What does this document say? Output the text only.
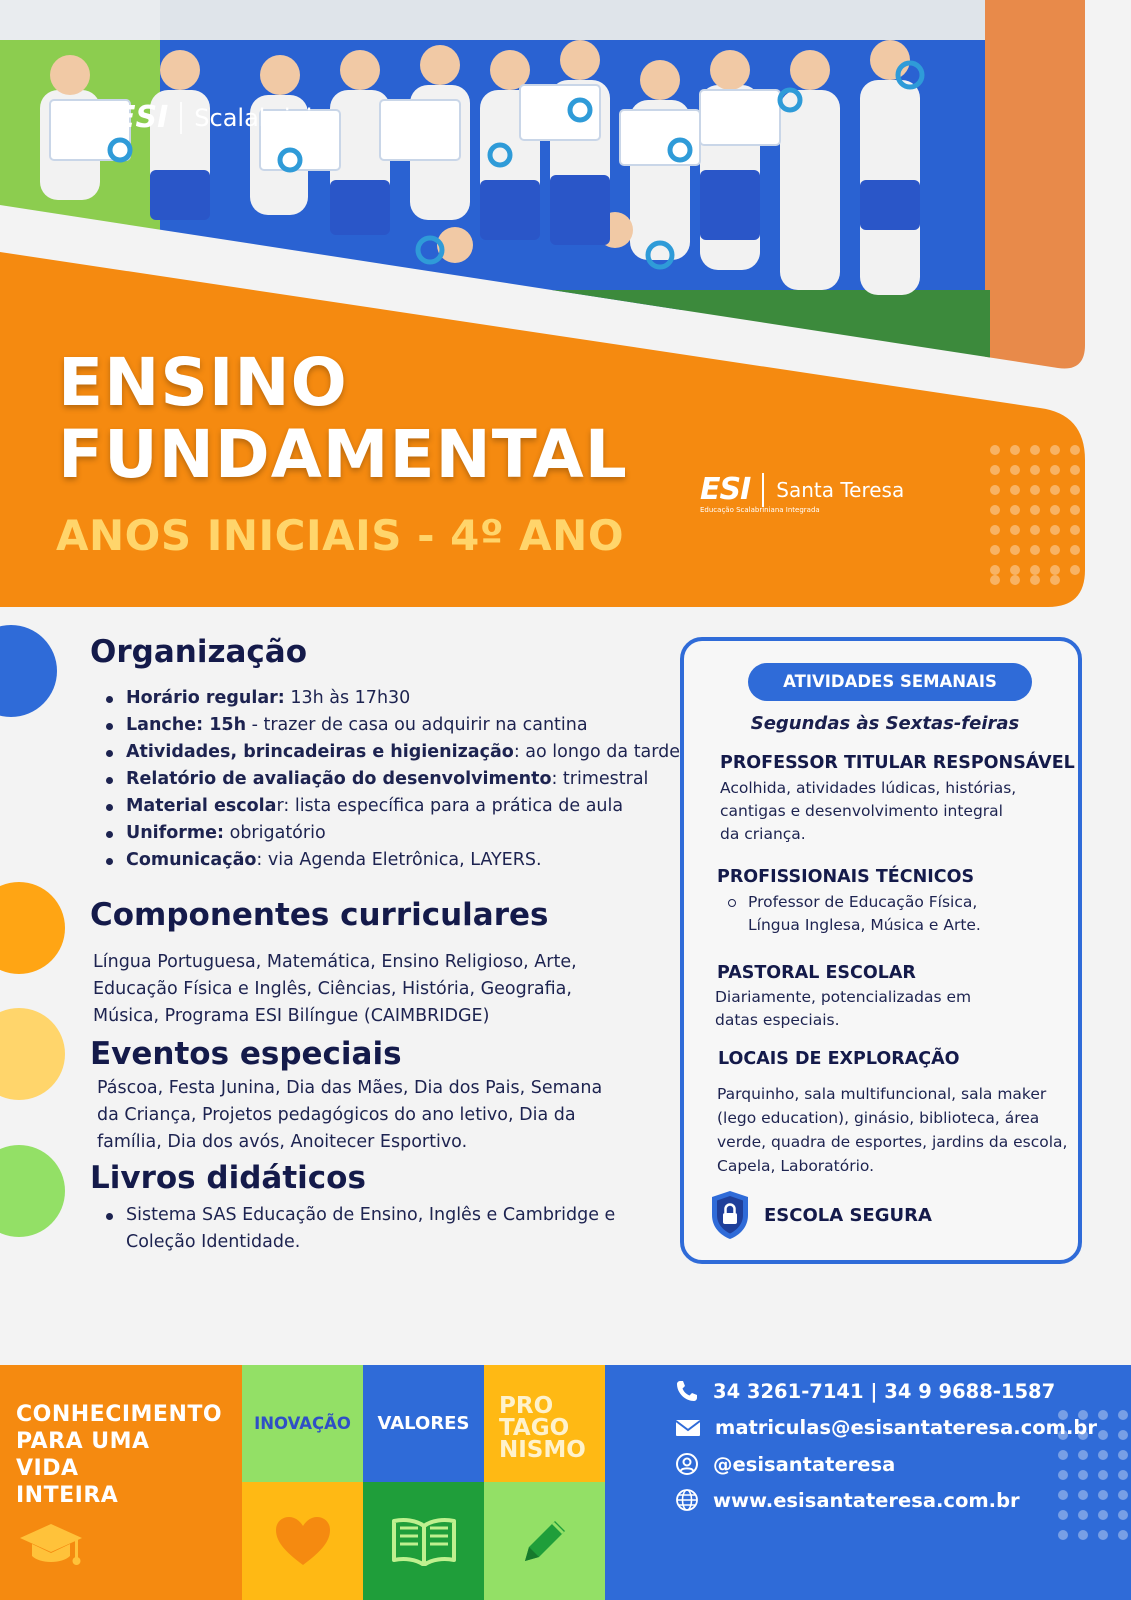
ESI Scalabrini
ENSINO
FUNDAMENTAL
ANOS INICIAIS - 4º ANO
ESI
Educação Scalabriniana Integrada
Santa Teresa
Organização
Horário regular: 13h às 17h30
Lanche: 15h - trazer de casa ou adquirir na cantina
Atividades, brincadeiras e higienização: ao longo da tarde
Relatório de avaliação do desenvolvimento: trimestral
Material escolar: lista específica para a prática de aula
Uniforme: obrigatório
Comunicação: via Agenda Eletrônica, LAYERS.
Componentes curriculares
Língua Portuguesa, Matemática, Ensino Religioso, Arte,
Educação Física e Inglês, Ciências, História, Geografia,
Música, Programa ESI Bilíngue (CAIMBRIDGE)
Eventos especiais
Páscoa, Festa Junina, Dia das Mães, Dia dos Pais, Semana
da Criança, Projetos pedagógicos do ano letivo, Dia da
família, Dia dos avós, Anoitecer Esportivo.
Livros didáticos
Sistema SAS Educação de Ensino, Inglês e Cambridge e
Coleção Identidade.
ATIVIDADES SEMANAIS
Segundas às Sextas-feiras
PROFESSOR TITULAR RESPONSÁVEL
Acolhida, atividades lúdicas, histórias,
cantigas e desenvolvimento integral
da criança.
PROFISSIONAIS TÉCNICOS
Professor de Educação Física,
Língua Inglesa, Música e Arte.
PASTORAL ESCOLAR
Diariamente, potencializadas em
datas especiais.
LOCAIS DE EXPLORAÇÃO
Parquinho, sala multifuncional, sala maker
(lego education), ginásio, biblioteca, área
verde, quadra de esportes, jardins da escola,
Capela, Laboratório.
ESCOLA SEGURA
CONHECIMENTO
PARA UMA
VIDA
INTEIRA
INOVAÇÃO VALORES
PRO
TAGO
NISMO
34 3261-7141 | 34 9 9688-1587
matriculas@esisantateresa.com.br
@esisantateresa
www.esisantateresa.com.br
